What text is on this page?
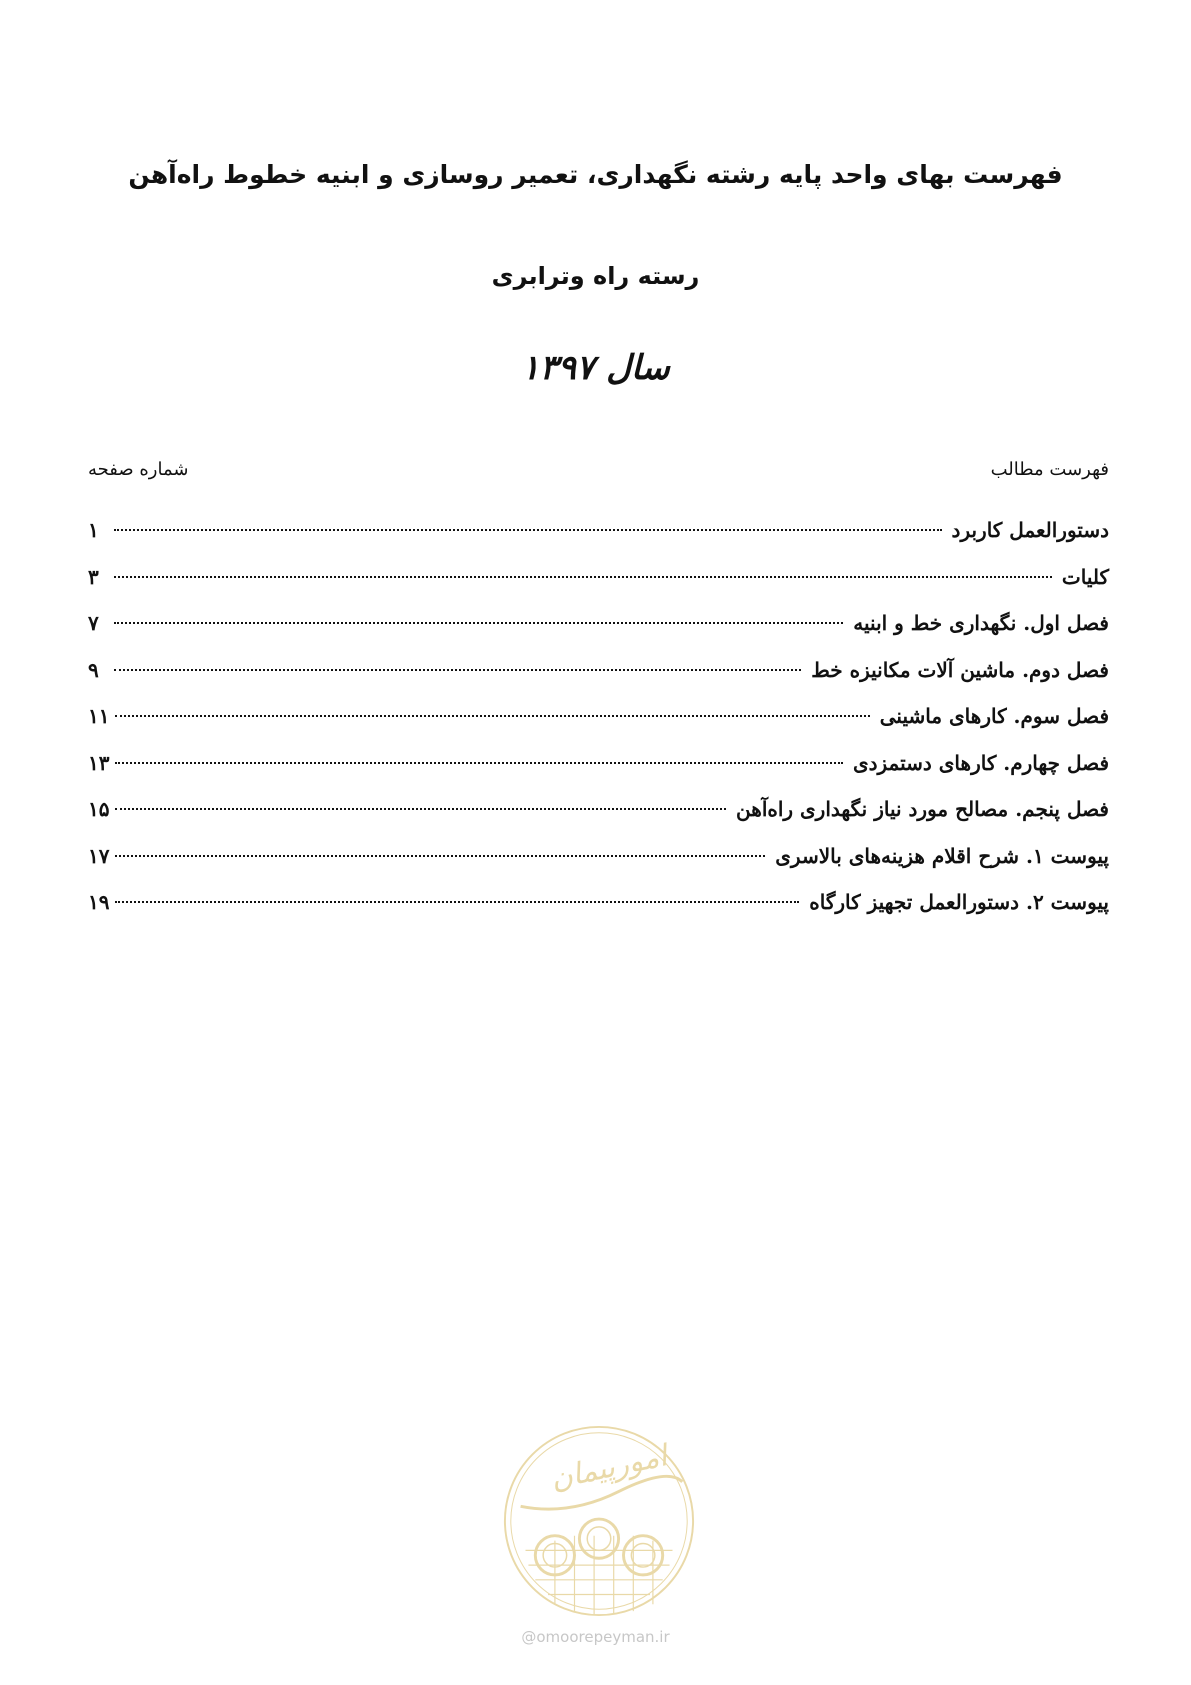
فهرست بهای واحد پایه رشته نگهداری، تعمیر روسازی و ابنیه خطوط راه‌آهن
رسته راه وترابری
سال ۱۳۹۷
فهرست مطالب
شماره صفحه
دستورالعمل کاربرد
۱
کلیات
۳
فصل اول. نگهداری خط و ابنیه
۷
فصل دوم. ماشین آلات مکانیزه خط
۹
فصل سوم. کارهای ماشینی
۱۱
فصل چهارم. کارهای دستمزدی
۱۳
فصل پنجم. مصالح مورد نیاز نگهداری راه‌آهن
۱۵
پیوست ۱. شرح اقلام هزینه‌های بالاسری
۱۷
پیوست ۲. دستورالعمل تجهیز کارگاه
۱۹
امورپیمان
@omoorepeyman.ir
